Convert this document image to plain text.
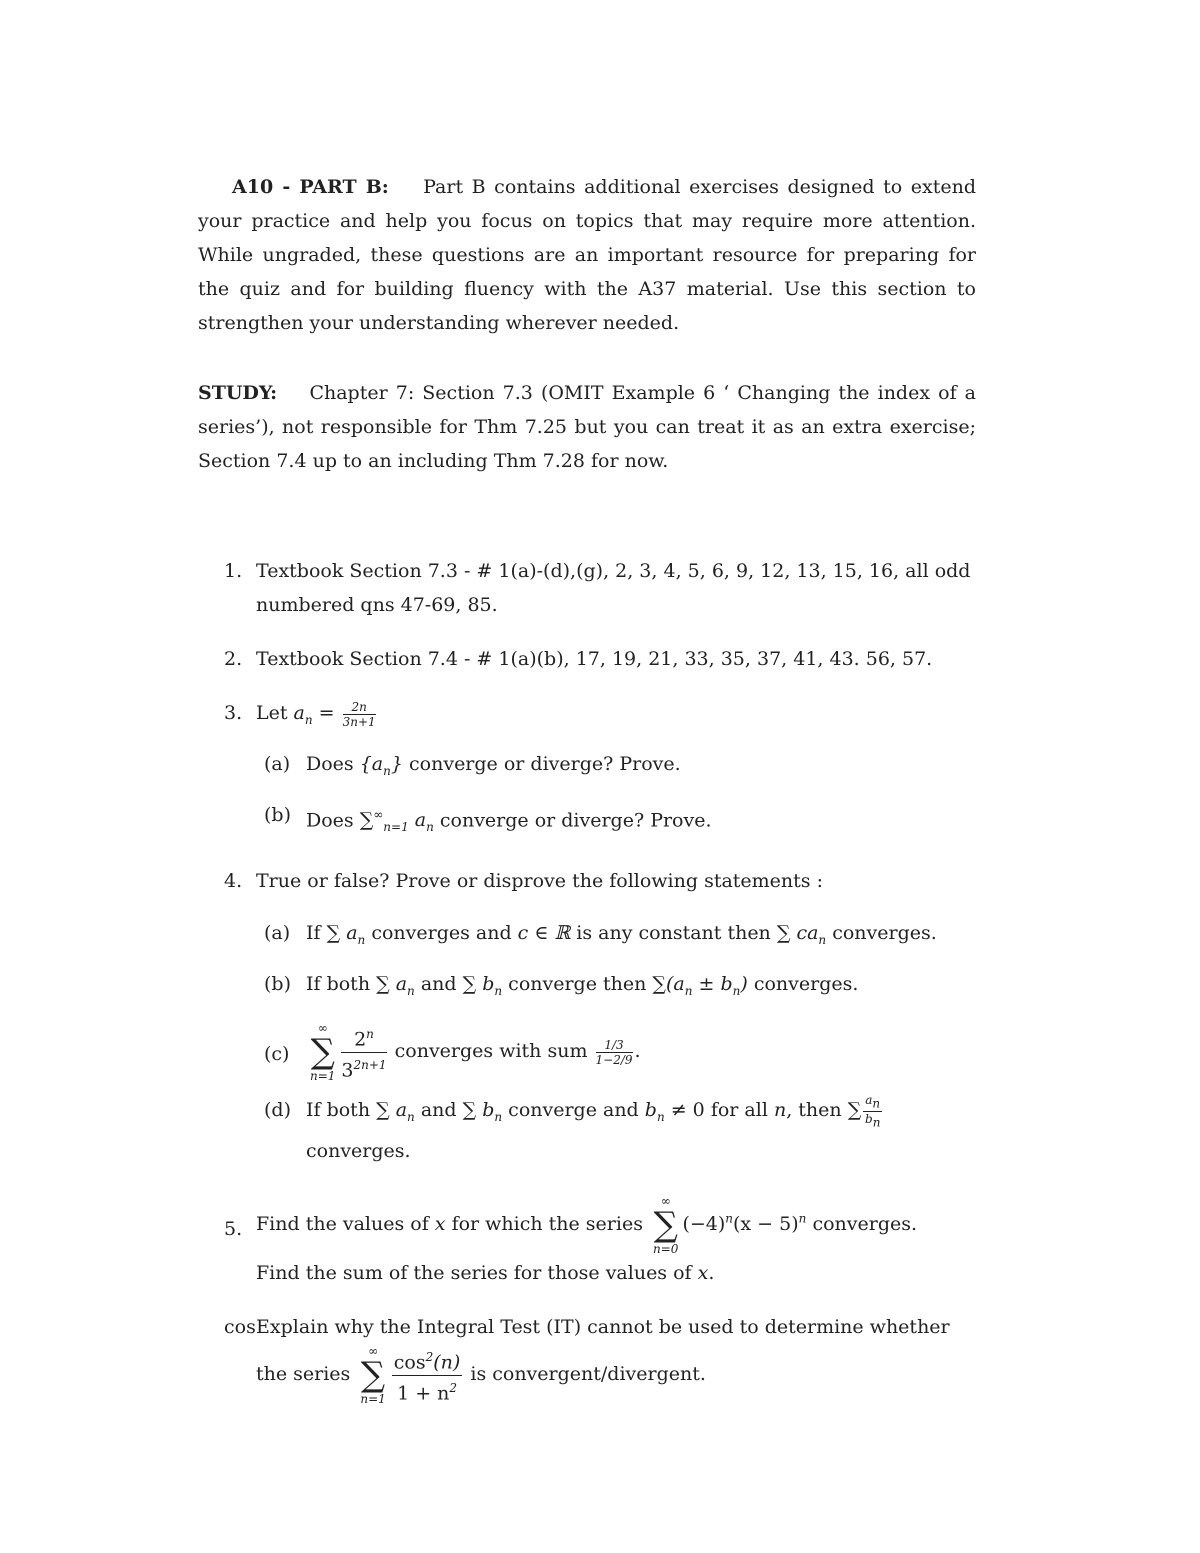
A10 - PART B: Part B contains additional exercises designed to extend your practice and help you focus on topics that may require more attention. While ungraded, these questions are an important resource for preparing for the quiz and for building fluency with the A37 material. Use this section to strengthen your understanding wherever needed.

STUDY: Chapter 7: Section 7.3 (OMIT Example 6 ‘ Changing the index of a series’), not responsible for Thm 7.25 but you can treat it as an extra exercise; Section 7.4 up to an including Thm 7.28 for now.

1. Textbook Section 7.3 - # 1(a)-(d),(g), 2, 3, 4, 5, 6, 9, 12, 13, 15, 16, all odd numbered qns 47-69, 85.
2. Textbook Section 7.4 - # 1(a)(b), 17, 19, 21, 33, 35, 37, 41, 43. 56, 57.
3. Let $a_n = \frac{2n}{3n+1}$
(a) Does $\{a_n\}$ converge or diverge? Prove.
(b) Does $\sum^\infty_{n=1}$ $a_n$ converge or diverge? Prove.
4. True or false? Prove or disprove the following statements :
(a) If ∑ $a_n$ converges and c ∈ ℝ is any constant then ∑ $ca_n$ converges.
(b) If both ∑ $a_n$ and ∑ $b_n$ converge then $\sum(a_n \pm b_n)$ converges.
(c)
∞
∑
$n=1 \frac{2^n}{3^{2n+1}}$ converges with sum $\frac{1/3}{1-2/9}$ .
(d) If both ∑ $a_n$ and ∑ $b_n$ converge and $b_n \ne 0$ for all n, then ∑ $\frac{a_n}{b_n}$

converges.
5. Find the values of x for which the series
∞
∑
n=0
$(-4)^n(x - 5)^n$ converges.
Find the sum of the series for those values of x.
cos Explain why the Integral Test (IT) cannot be used to determine whether
the series
∞
∑
$n=1 \frac{\cos^2(n)}{1 + n^2}$ is convergent/divergent.
